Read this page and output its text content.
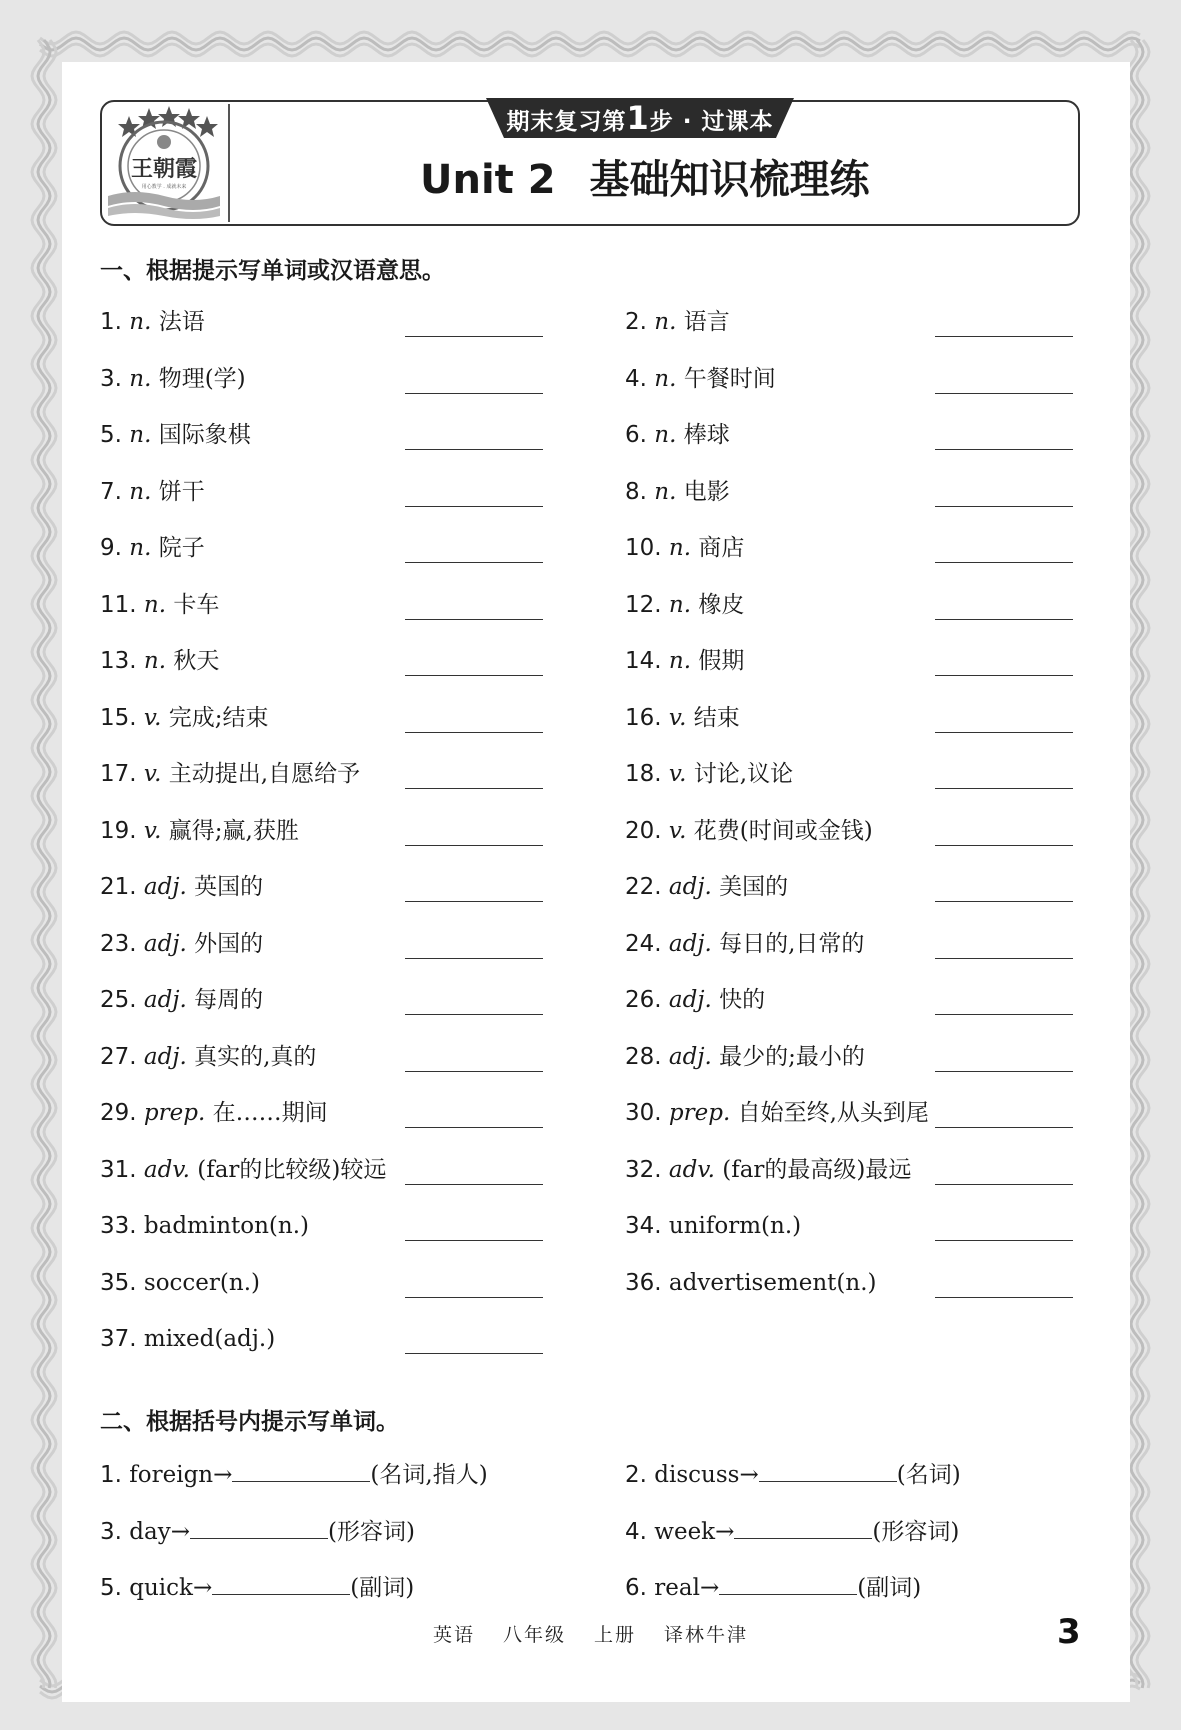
王朝霞
用心教学 . 成就未来
期末复习第1步 · 过课本
Unit 2 基础知识梳理练
一、根据提示写单词或汉语意思。
1. n. 法语	2. n. 语言
3. n. 物理(学)	4. n. 午餐时间
5. n. 国际象棋	6. n. 棒球
7. n. 饼干	8. n. 电影
9. n. 院子	10. n. 商店
11. n. 卡车	12. n. 橡皮
13. n. 秋天	14. n. 假期
15. v. 完成;结束	16. v. 结束
17. v. 主动提出,自愿给予	18. v. 讨论,议论
19. v. 赢得;赢,获胜	20. v. 花费(时间或金钱)
21. adj. 英国的	22. adj. 美国的
23. adj. 外国的	24. adj. 每日的,日常的
25. adj. 每周的	26. adj. 快的
27. adj. 真实的,真的	28. adj. 最少的;最小的
29. prep. 在……期间	30. prep. 自始至终,从头到尾
31. adv. (far的比较级)较远	32. adv. (far的最高级)最远
33. badminton(n.)	34. uniform(n.)
35. soccer(n.)	36. advertisement(n.)
37. mixed(adj.)
二、根据括号内提示写单词。
1. foreign→	(名词,指人)	2. discuss→	(名词)
3. day→	(形容词)	4. week→	(形容词)
5. quick→	(副词)	6. real→	(副词)
英语 八年级 上册 译林牛津	3
